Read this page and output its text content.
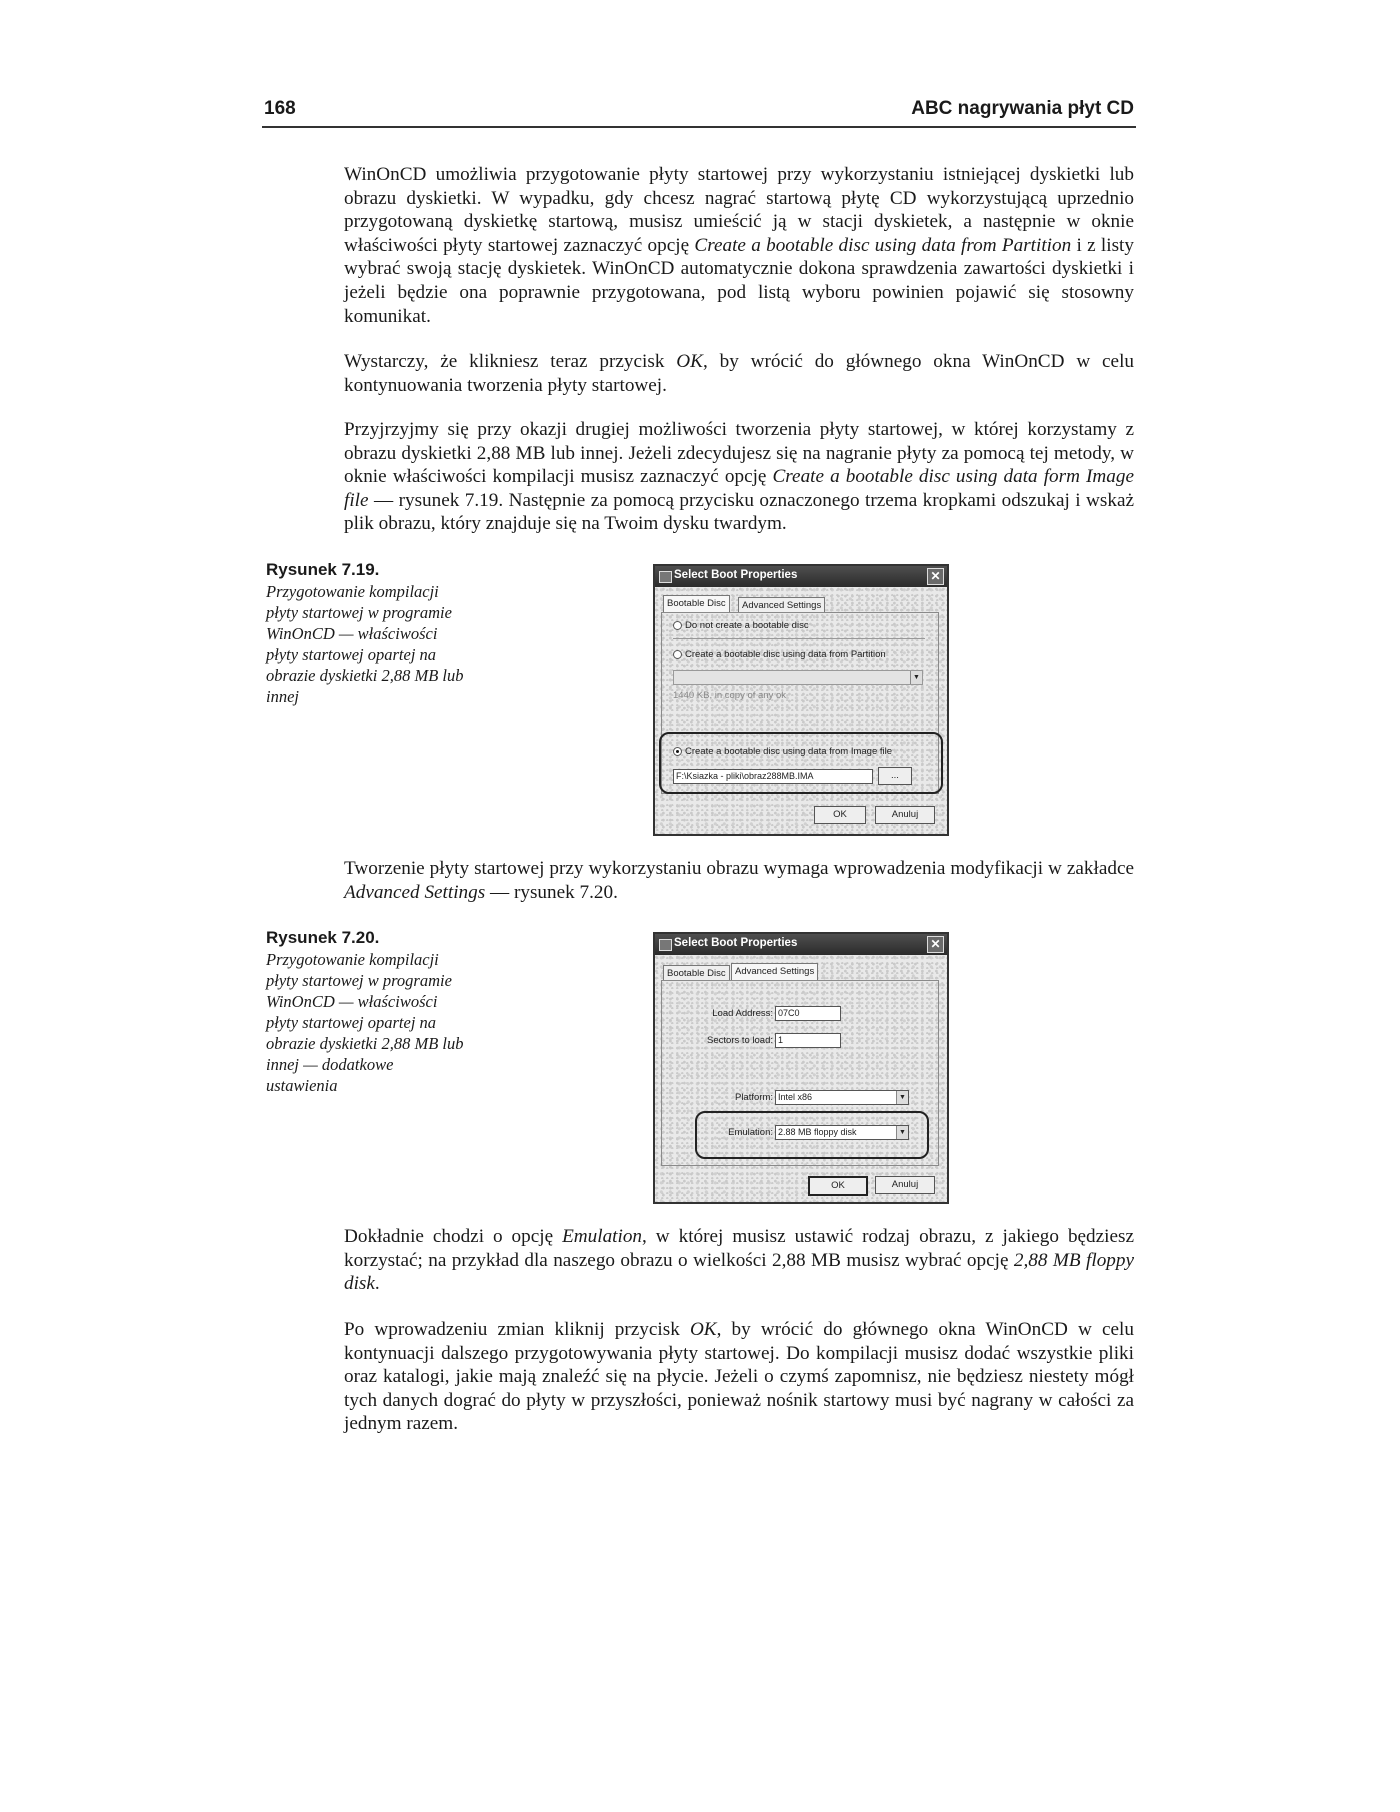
168	ABC nagrywania płyt CD

WinOnCD umożliwia przygotowanie płyty startowej przy wykorzystaniu istniejącej dyskietki lub obrazu dyskietki. W wypadku, gdy chcesz nagrać startową płytę CD wykorzystującą uprzednio przygotowaną dyskietkę startową, musisz umieścić ją w stacji dyskietek, a następnie w oknie właściwości płyty startowej zaznaczyć opcję Create a bootable disc using data from Partition i z listy wybrać swoją stację dyskietek. WinOnCD automatycznie dokona sprawdzenia zawartości dyskietki i jeżeli będzie ona poprawnie przygotowana, pod listą wyboru powinien pojawić się stosowny komunikat.

Wystarczy, że klikniesz teraz przycisk OK, by wrócić do głównego okna WinOnCD w celu kontynuowania tworzenia płyty startowej.

Przyjrzyjmy się przy okazji drugiej możliwości tworzenia płyty startowej, w której korzystamy z obrazu dyskietki 2,88 MB lub innej. Jeżeli zdecydujesz się na nagranie płyty za pomocą tej metody, w oknie właściwości kompilacji musisz zaznaczyć opcję Create a bootable disc using data form Image file — rysunek 7.19. Następnie za pomocą przycisku oznaczonego trzema kropkami odszukaj i wskaż plik obrazu, który znajduje się na Twoim dysku twardym.

Rysunek 7.19.
Przygotowanie kompilacji płyty startowej w programie WinOnCD — właściwości płyty startowej opartej na obrazie dyskietki 2,88 MB lub innej
Select Boot Properties	✕
Bootable Disc	Advanced Settings
Do not create a bootable disc
Create a bootable disc using data from Partition
▼
1440 KB, in copy of any ok
Create a bootable disc using data from Image file
F:\Ksiazka - pliki\obraz288MB.IMA	...
OK	Anuluj

Tworzenie płyty startowej przy wykorzystaniu obrazu wymaga wprowadzenia modyfikacji w zakładce Advanced Settings — rysunek 7.20.

Rysunek 7.20.
Przygotowanie kompilacji płyty startowej w programie WinOnCD — właściwości płyty startowej opartej na obrazie dyskietki 2,88 MB lub innej — dodatkowe ustawienia
Select Boot Properties	✕
Bootable Disc Advanced Settings
Load Address: 07C0
Sectors to load: 1
Platform: Intel x86	▼
Emulation: 2.88 MB floppy disk	▼
OK	Anuluj

Dokładnie chodzi o opcję Emulation, w której musisz ustawić rodzaj obrazu, z jakiego będziesz korzystać; na przykład dla naszego obrazu o wielkości 2,88 MB musisz wybrać opcję 2,88 MB floppy disk.

Po wprowadzeniu zmian kliknij przycisk OK, by wrócić do głównego okna WinOnCD w celu kontynuacji dalszego przygotowywania płyty startowej. Do kompilacji musisz dodać wszystkie pliki oraz katalogi, jakie mają znaleźć się na płycie. Jeżeli o czymś zapomnisz, nie będziesz niestety mógł tych danych dograć do płyty w przyszłości, ponieważ nośnik startowy musi być nagrany w całości za jednym razem.
